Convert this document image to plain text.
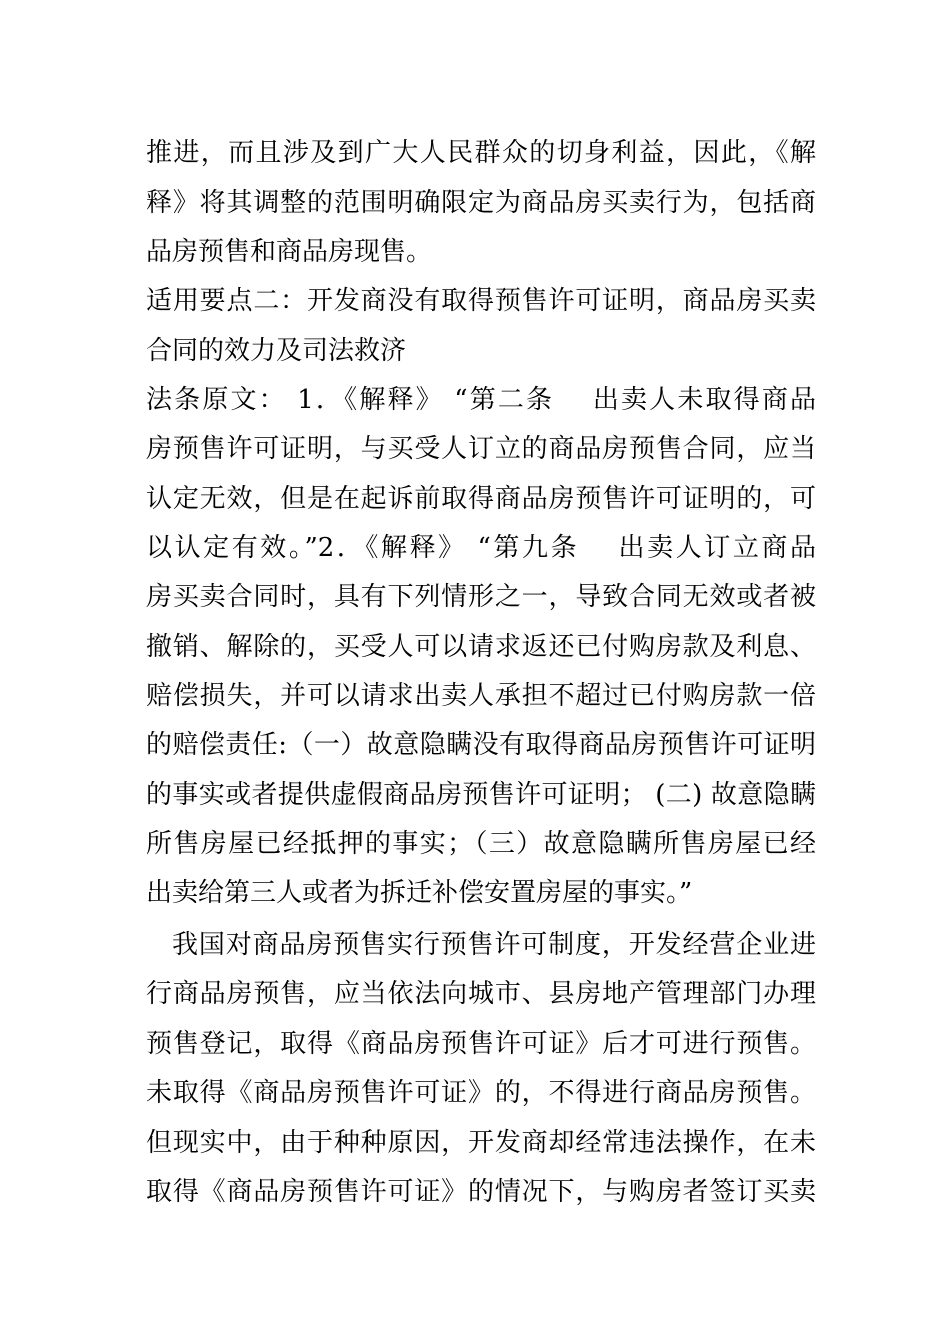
推进，而且涉及到广大人民群众的切身利益，因此，《解

释》将其调整的范围明确限定为商品房买卖行为，包括商

品房预售和商品房现售。

适用要点二：开发商没有取得预售许可证明，商品房买卖

合同的效力及司法救济

法条原文： 1．《解释》 “第二条　 出卖人未取得商品

房预售许可证明，与买受人订立的商品房预售合同，应当

认定无效，但是在起诉前取得商品房预售许可证明的，可

以认定有效。”2．《解释》 “第九条　 出卖人订立商品

房买卖合同时，具有下列情形之一，导致合同无效或者被

撤销、解除的，买受人可以请求返还已付购房款及利息、

赔偿损失，并可以请求出卖人承担不超过已付购房款一倍

的赔偿责任:（一）故意隐瞒没有取得商品房预售许可证明

的事实或者提供虚假商品房预售许可证明； (二) 故意隐瞒

所售房屋已经抵押的事实；（三）故意隐瞒所售房屋已经

出卖给第三人或者为拆迁补偿安置房屋的事实。”

我国对商品房预售实行预售许可制度，开发经营企业进

行商品房预售，应当依法向城市、县房地产管理部门办理

预售登记，取得《商品房预售许可证》后才可进行预售。

未取得《商品房预售许可证》的，不得进行商品房预售。

但现实中，由于种种原因，开发商却经常违法操作，在未

取得《商品房预售许可证》的情况下，与购房者签订买卖
